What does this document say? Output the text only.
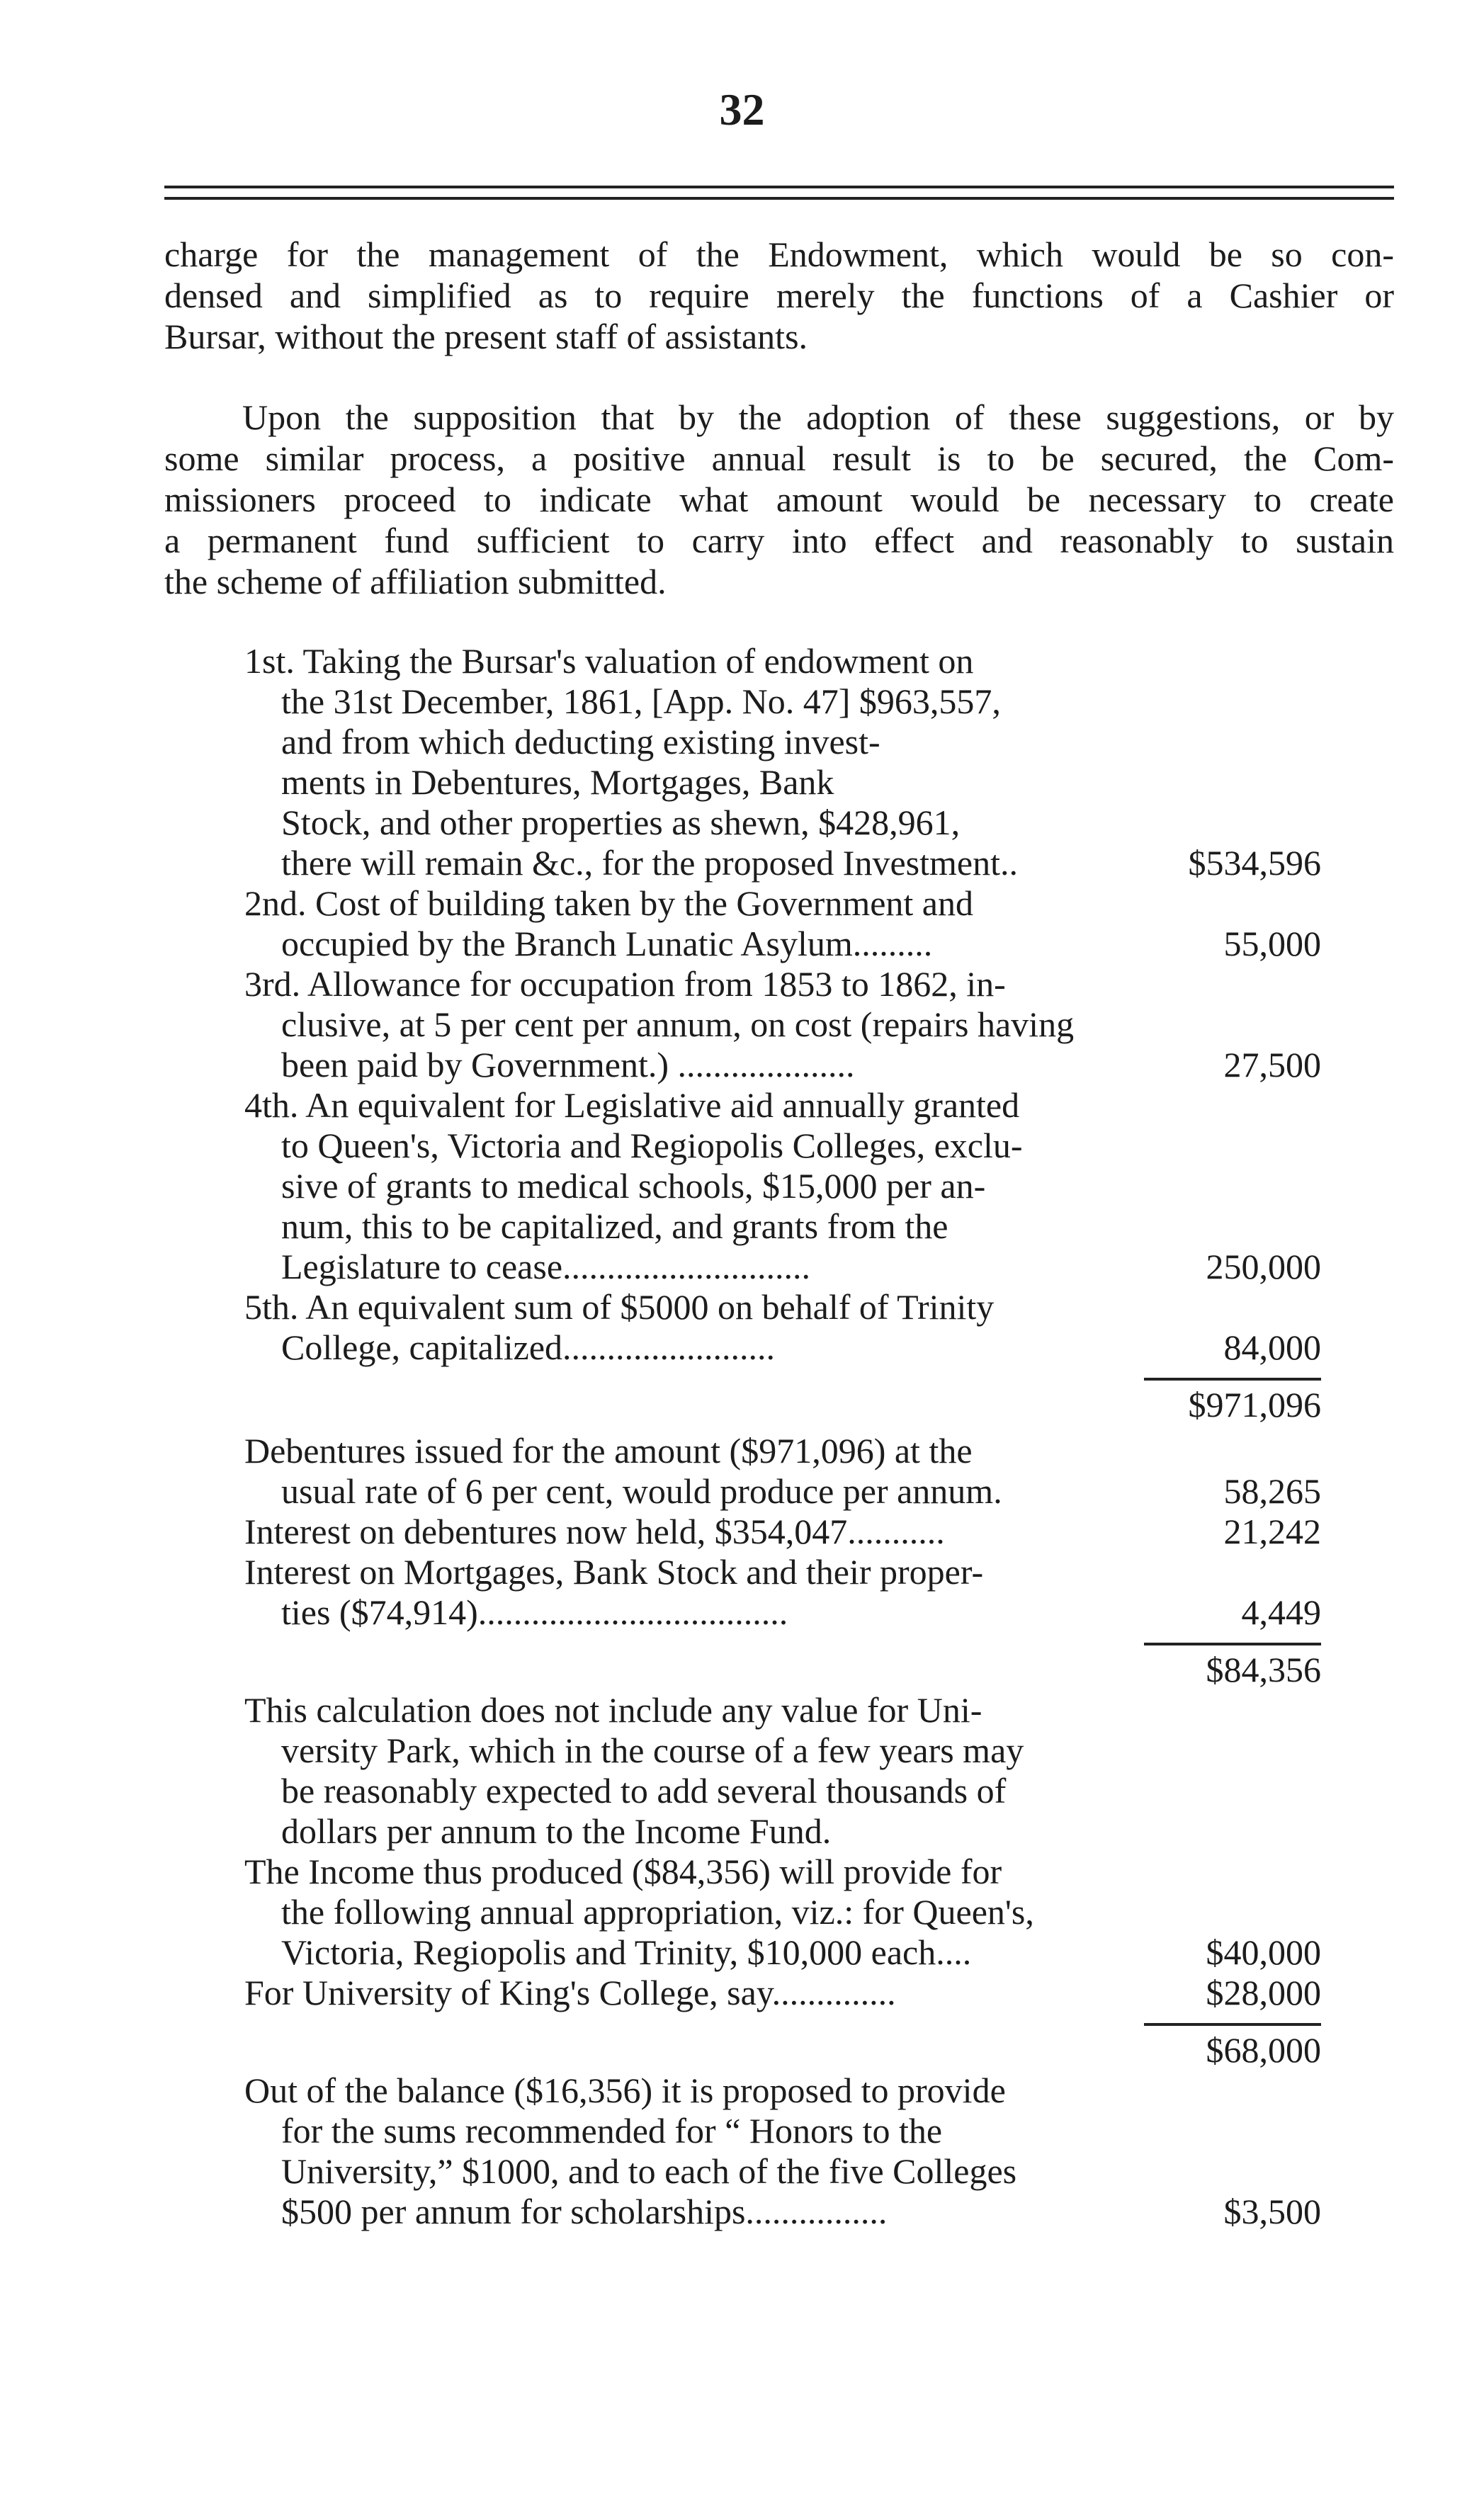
32
charge for the management of the Endowment, which would be so con-
densed and simplified as to require merely the functions of a Cashier or
Bursar, without the present staff of assistants.
Upon the supposition that by the adoption of these suggestions, or by
some similar process, a positive annual result is to be secured, the Com-
missioners proceed to indicate what amount would be necessary to create
a permanent fund sufficient to carry into effect and reasonably to sustain
the scheme of affiliation submitted.
1st. Taking the Bursar's valuation of endowment on
the 31st December, 1861, [App. No. 47] $963,557,
and from which deducting existing invest-
ments in Debentures, Mortgages, Bank
Stock, and other properties as shewn, $428,961,
there will remain &c., for the proposed Investment..	$534,596
2nd. Cost of building taken by the Government and
occupied by the Branch Lunatic Asylum.........	55,000
3rd. Allowance for occupation from 1853 to 1862, in-
clusive, at 5 per cent per annum, on cost (repairs having
been paid by Government.) ....................	27,500
4th. An equivalent for Legislative aid annually granted
to Queen's, Victoria and Regiopolis Colleges, exclu-
sive of grants to medical schools, $15,000 per an-
num, this to be capitalized, and grants from the
Legislature to cease............................	250,000
5th. An equivalent sum of $5000 on behalf of Trinity
College, capitalized........................	84,000
$971,096
Debentures issued for the amount ($971,096) at the
usual rate of 6 per cent, would produce per annum.	58,265
Interest on debentures now held, $354,047...........	21,242
Interest on Mortgages, Bank Stock and their proper-
ties ($74,914)...................................	4,449
$84,356
This calculation does not include any value for Uni-
versity Park, which in the course of a few years may
be reasonably expected to add several thousands of
dollars per annum to the Income Fund.
The Income thus produced ($84,356) will provide for
the following annual appropriation, viz.: for Queen's,
Victoria, Regiopolis and Trinity, $10,000 each....	$40,000
For University of King's College, say..............	$28,000
$68,000
Out of the balance ($16,356) it is proposed to provide
for the sums recommended for “ Honors to the
University,” $1000, and to each of the five Colleges
$500 per annum for scholarships................	$3,500
